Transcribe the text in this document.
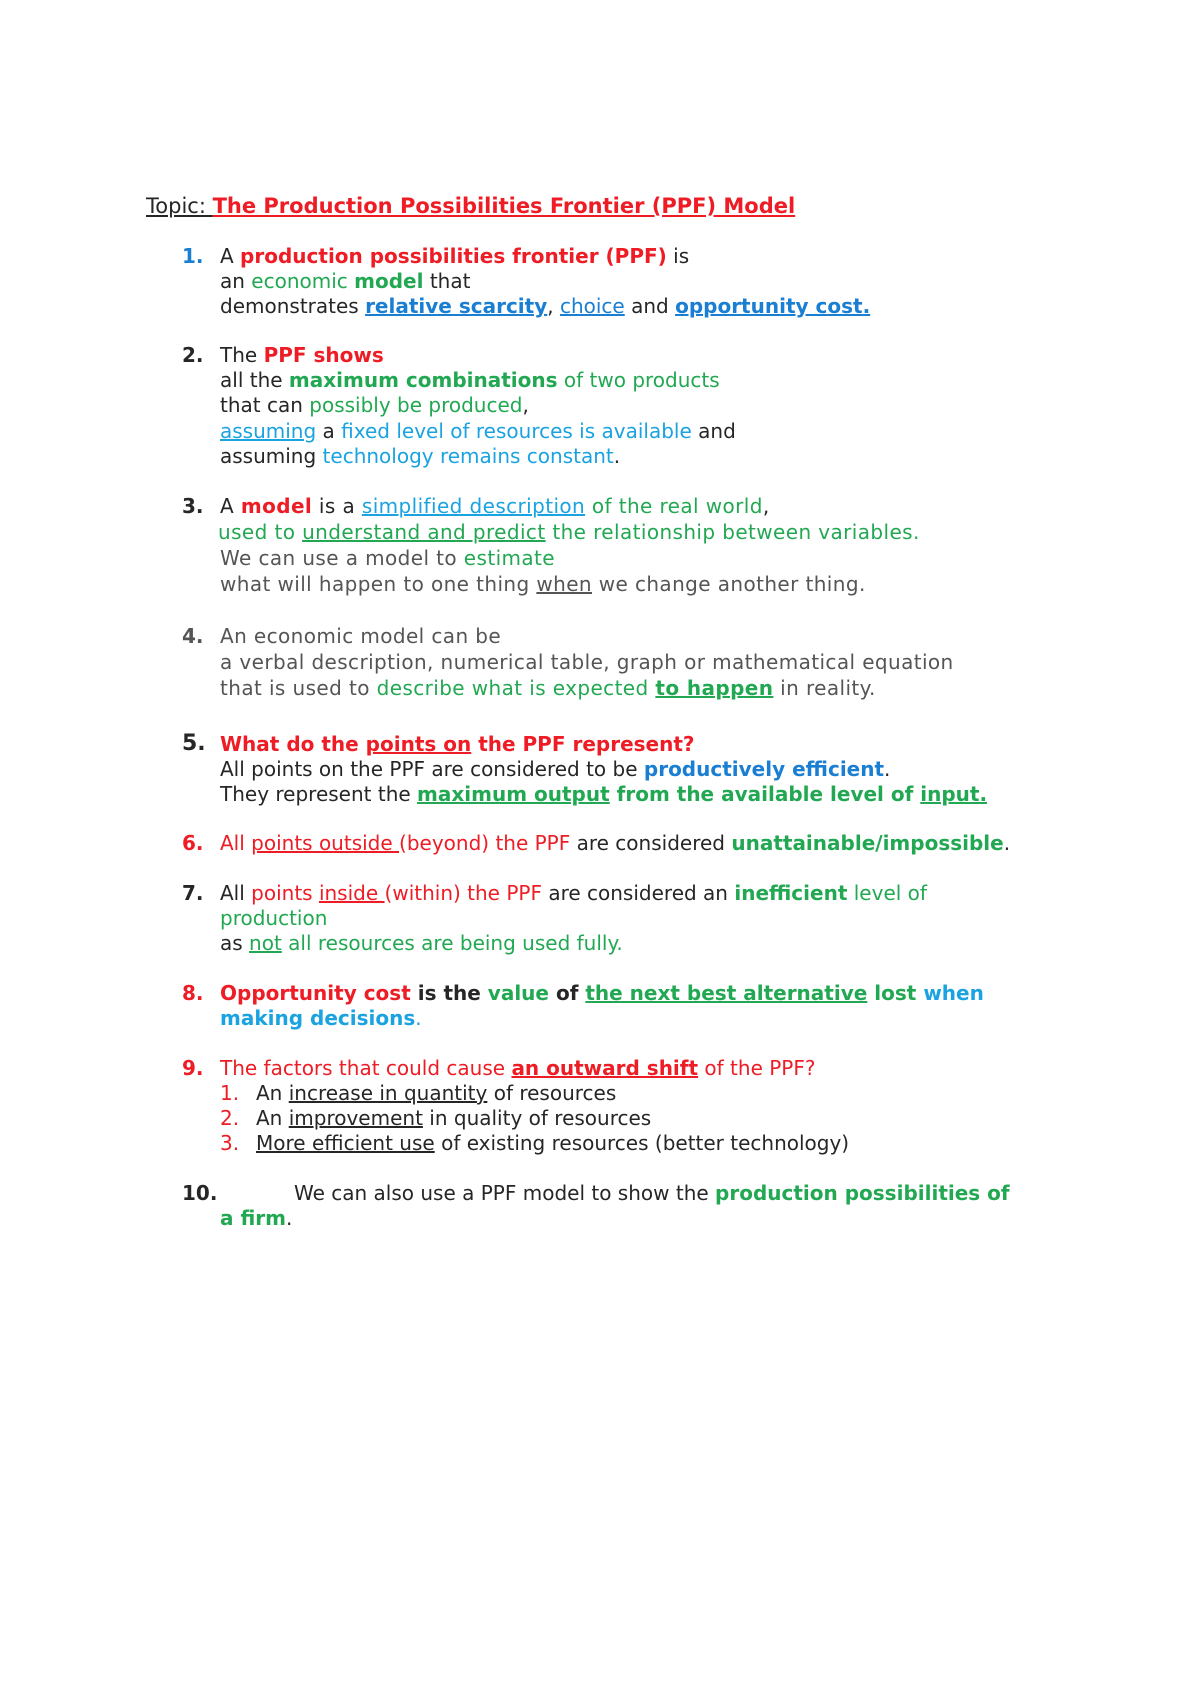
Topic: The Production Possibilities Frontier (PPF) Model
1. A production possibilities frontier (PPF) is
an economic model that
demonstrates relative scarcity, choice and opportunity cost.
2. The PPF shows
all the maximum combinations of two products
that can possibly be produced,
assuming a fixed level of resources is available and
assuming technology remains constant.
3. A model is a simplified description of the real world,
used to understand and predict the relationship between variables.
We can use a model to estimate
what will happen to one thing when we change another thing.
4. An economic model can be
a verbal description, numerical table, graph or mathematical equation
that is used to describe what is expected to happen in reality.
5. What do the points on the PPF represent?
All points on the PPF are considered to be productively efficient.
They represent the maximum output from the available level of input.
6. All points outside (beyond) the PPF are considered unattainable/impossible.
7. All points inside (within) the PPF are considered an inefficient level of
production
as not all resources are being used fully.
8. Opportunity cost is the value of the next best alternative lost when
making decisions.
9. The factors that could cause an outward shift of the PPF?
1. An increase in quantity of resources
2. An improvement in quality of resources
3. More efficient use of existing resources (better technology)
10.	We can also use a PPF model to show the production possibilities of
a firm.
